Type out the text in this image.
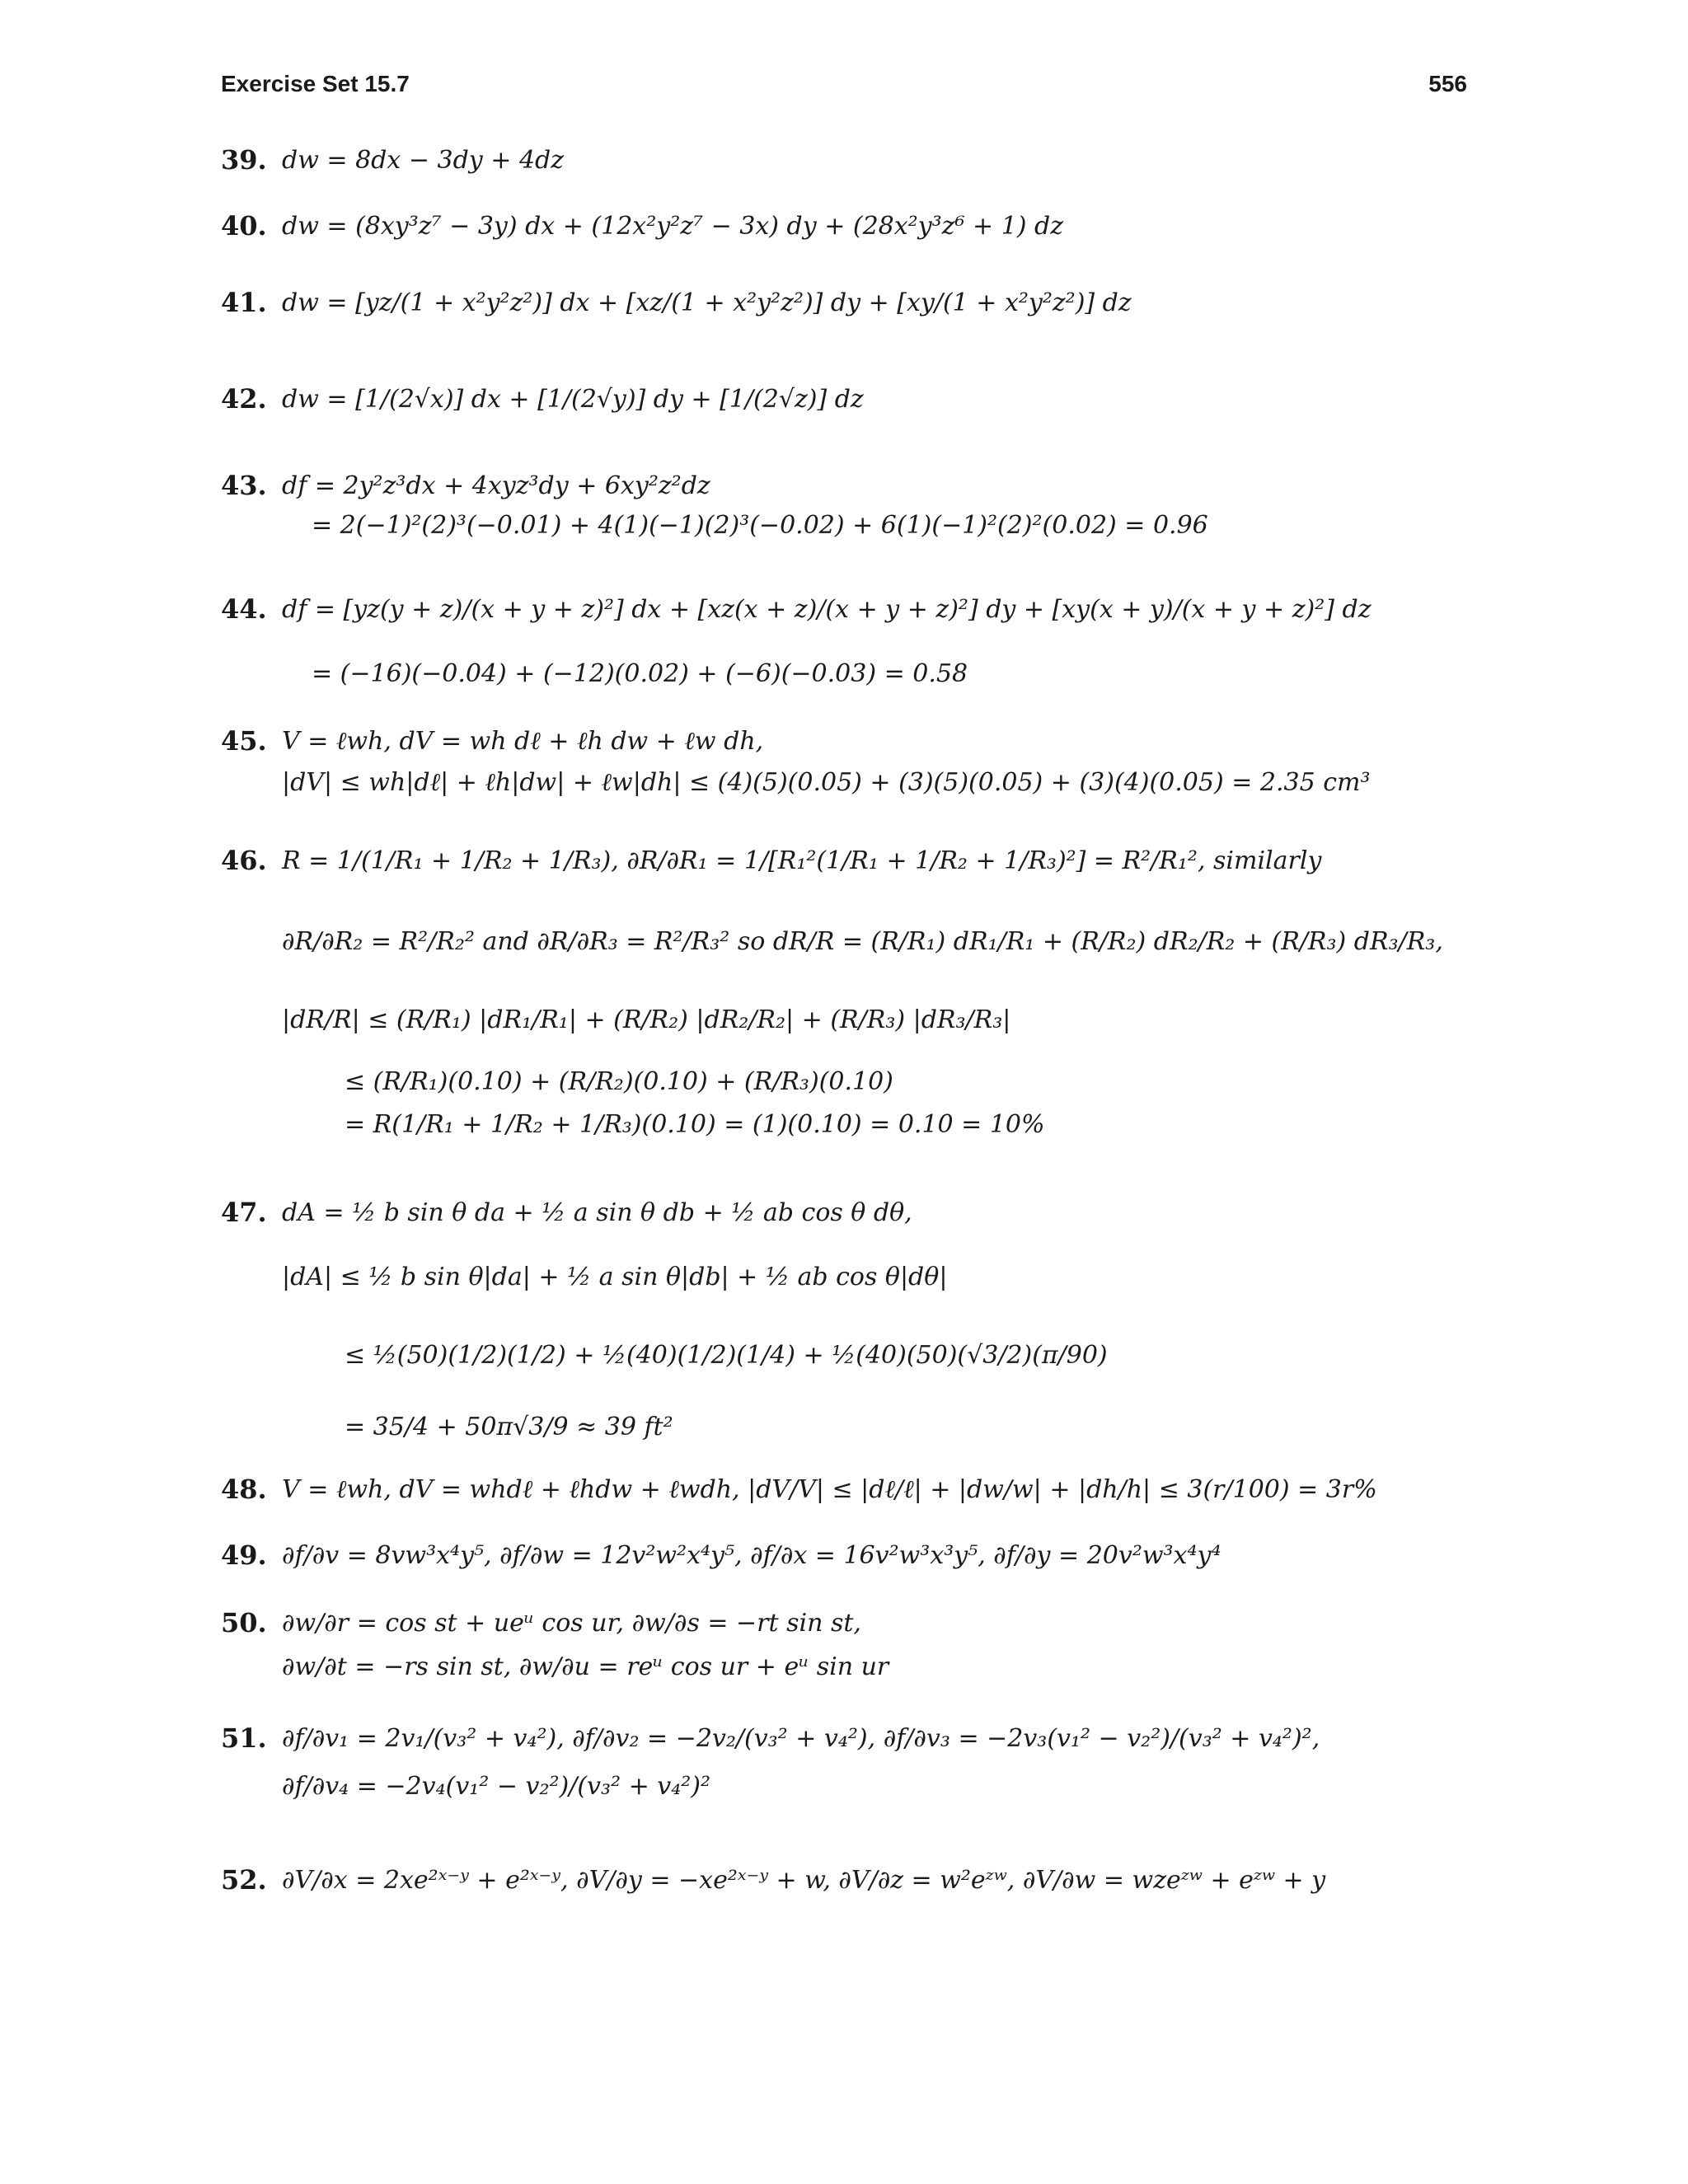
Exercise Set 15.7	556
39. dw = 8dx − 3dy + 4dz
40. dw = (8xy³z⁷ − 3y) dx + (12x²y²z⁷ − 3x) dy + (28x²y³z⁶ + 1) dz
41. dw = [yz/(1 + x²y²z²)] dx + [xz/(1 + x²y²z²)] dy + [xy/(1 + x²y²z²)] dz
42. dw = [1/(2√x)] dx + [1/(2√y)] dy + [1/(2√z)] dz
43. df = 2y²z³dx + 4xyz³dy + 6xy²z²dz
= 2(−1)²(2)³(−0.01) + 4(1)(−1)(2)³(−0.02) + 6(1)(−1)²(2)²(0.02) = 0.96
44. df = [yz(y + z)/(x + y + z)²] dx + [xz(x + z)/(x + y + z)²] dy + [xy(x + y)/(x + y + z)²] dz
= (−16)(−0.04) + (−12)(0.02) + (−6)(−0.03) = 0.58
45. V = ℓwh, dV = wh dℓ + ℓh dw + ℓw dh,
|dV| ≤ wh|dℓ| + ℓh|dw| + ℓw|dh| ≤ (4)(5)(0.05) + (3)(5)(0.05) + (3)(4)(0.05) = 2.35 cm³
46. R = 1/(1/R₁ + 1/R₂ + 1/R₃), ∂R/∂R₁ = 1/[R₁²(1/R₁ + 1/R₂ + 1/R₃)²] = R²/R₁², similarly
∂R/∂R₂ = R²/R₂² and ∂R/∂R₃ = R²/R₃² so dR/R = (R/R₁) dR₁/R₁ + (R/R₂) dR₂/R₂ + (R/R₃) dR₃/R₃,
|dR/R| ≤ (R/R₁) |dR₁/R₁| + (R/R₂) |dR₂/R₂| + (R/R₃) |dR₃/R₃|
≤ (R/R₁)(0.10) + (R/R₂)(0.10) + (R/R₃)(0.10)
= R(1/R₁ + 1/R₂ + 1/R₃)(0.10) = (1)(0.10) = 0.10 = 10%
47. dA = ½ b sin θ da + ½ a sin θ db + ½ ab cos θ dθ,
|dA| ≤ ½ b sin θ|da| + ½ a sin θ|db| + ½ ab cos θ|dθ|
≤ ½(50)(1/2)(1/2) + ½(40)(1/2)(1/4) + ½(40)(50)(√3/2)(π/90)
= 35/4 + 50π√3/9 ≈ 39 ft²
48. V = ℓwh, dV = whdℓ + ℓhdw + ℓwdh, |dV/V| ≤ |dℓ/ℓ| + |dw/w| + |dh/h| ≤ 3(r/100) = 3r%
49. ∂f/∂v = 8vw³x⁴y⁵, ∂f/∂w = 12v²w²x⁴y⁵, ∂f/∂x = 16v²w³x³y⁵, ∂f/∂y = 20v²w³x⁴y⁴
50. ∂w/∂r = cos st + ueᵘ cos ur, ∂w/∂s = −rt sin st,
∂w/∂t = −rs sin st, ∂w/∂u = reᵘ cos ur + eᵘ sin ur
51. ∂f/∂v₁ = 2v₁/(v₃² + v₄²), ∂f/∂v₂ = −2v₂/(v₃² + v₄²), ∂f/∂v₃ = −2v₃(v₁² − v₂²)/(v₃² + v₄²)²,
∂f/∂v₄ = −2v₄(v₁² − v₂²)/(v₃² + v₄²)²
52. ∂V/∂x = 2xe²ˣ⁻ʸ + e²ˣ⁻ʸ, ∂V/∂y = −xe²ˣ⁻ʸ + w, ∂V/∂z = w²eᶻʷ, ∂V/∂w = wzeᶻʷ + eᶻʷ + y
